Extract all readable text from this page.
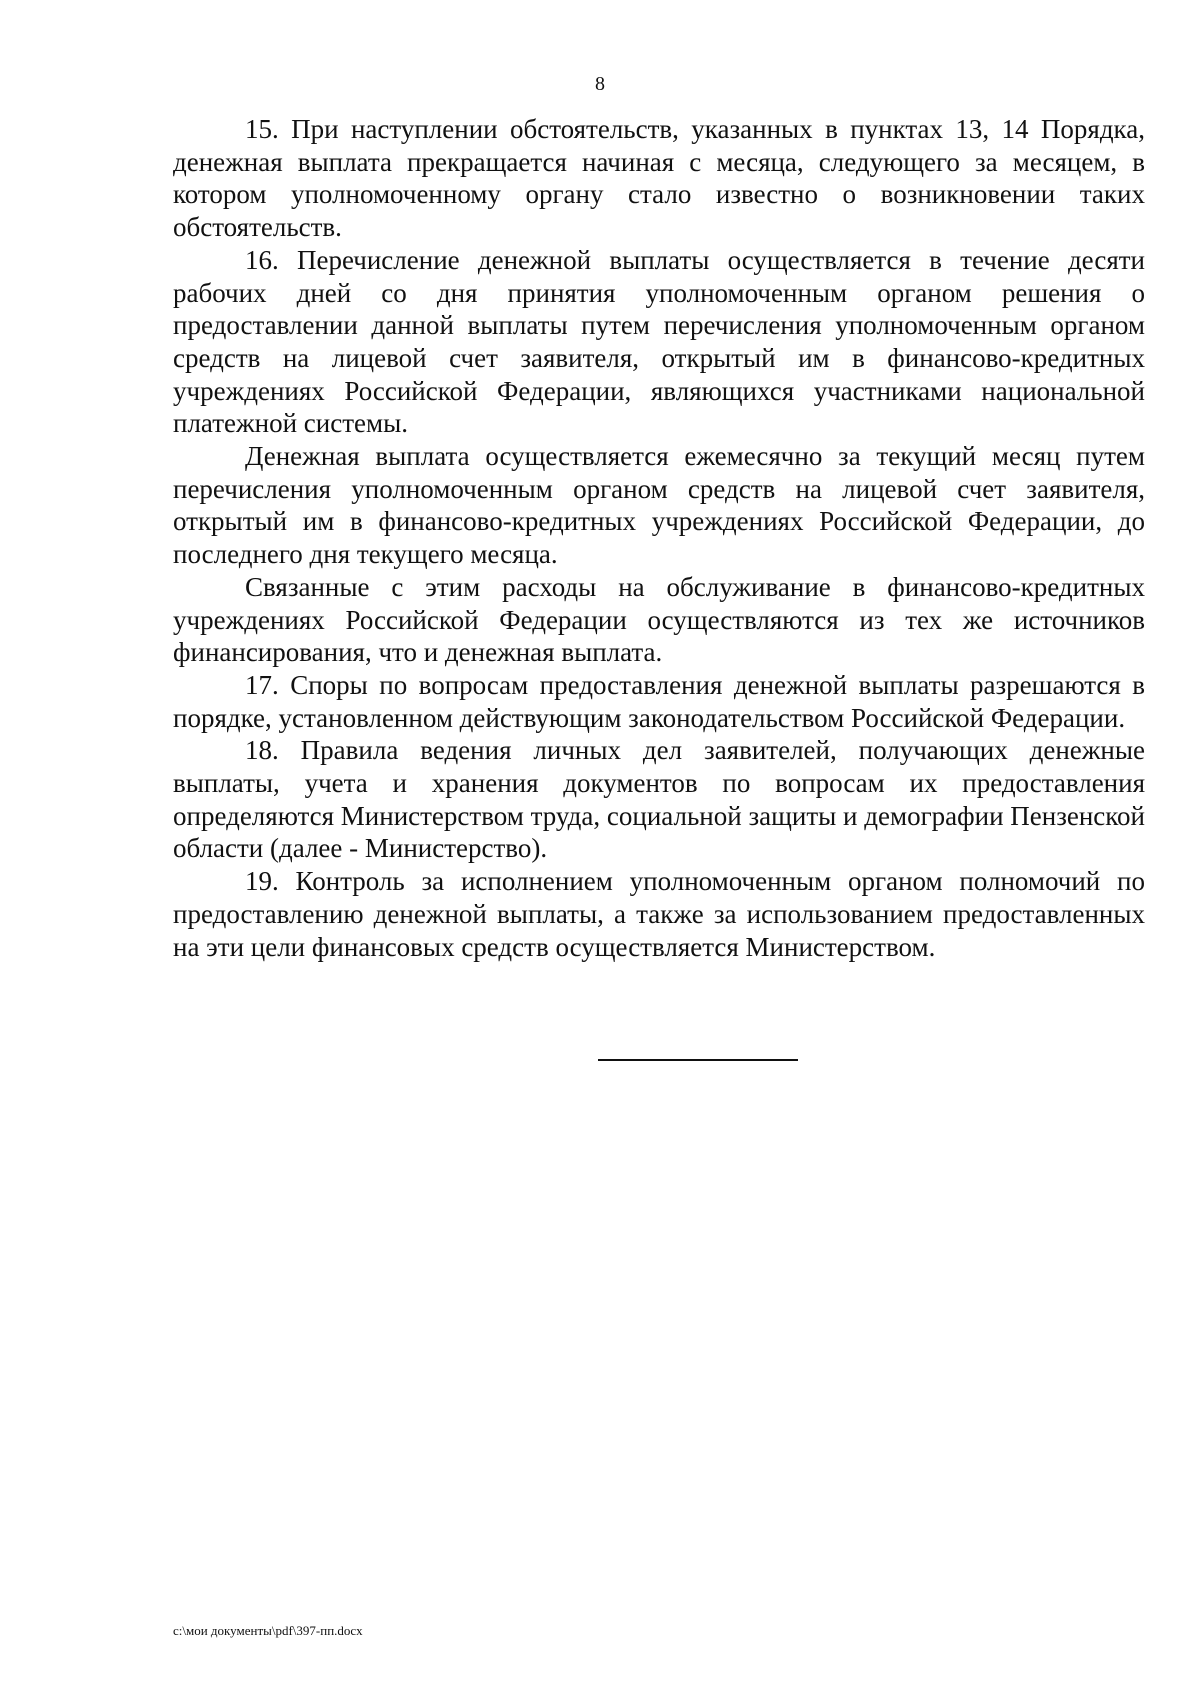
8

15. При наступлении обстоятельств, указанных в пунктах 13, 14 Порядка, денежная выплата прекращается начиная с месяца, следующего за месяцем, в котором уполномоченному органу стало известно о возникновении таких обстоятельств.

16. Перечисление денежной выплаты осуществляется в течение десяти рабочих дней со дня принятия уполномоченным органом решения о предоставлении данной выплаты путем перечисления уполномоченным органом средств на лицевой счет заявителя, открытый им в финансово-кредитных учреждениях Российской Федерации, являющихся участниками национальной платежной системы.

Денежная выплата осуществляется ежемесячно за текущий месяц путем перечисления уполномоченным органом средств на лицевой счет заявителя, открытый им в финансово-кредитных учреждениях Российской Федерации, до последнего дня текущего месяца.

Связанные с этим расходы на обслуживание в финансово-кредитных учреждениях Российской Федерации осуществляются из тех же источников финансирования, что и денежная выплата.

17. Споры по вопросам предоставления денежной выплаты разрешаются в порядке, установленном действующим законодательством Российской Федерации.

18. Правила ведения личных дел заявителей, получающих денежные выплаты, учета и хранения документов по вопросам их предоставления определяются Министерством труда, социальной защиты и демографии Пензенской области (далее - Министерство).

19. Контроль за исполнением уполномоченным органом полномочий по предоставлению денежной выплаты, а также за использованием предоставленных на эти цели финансовых средств осуществляется Министерством.

c:\мои документы\pdf\397-пп.docx
